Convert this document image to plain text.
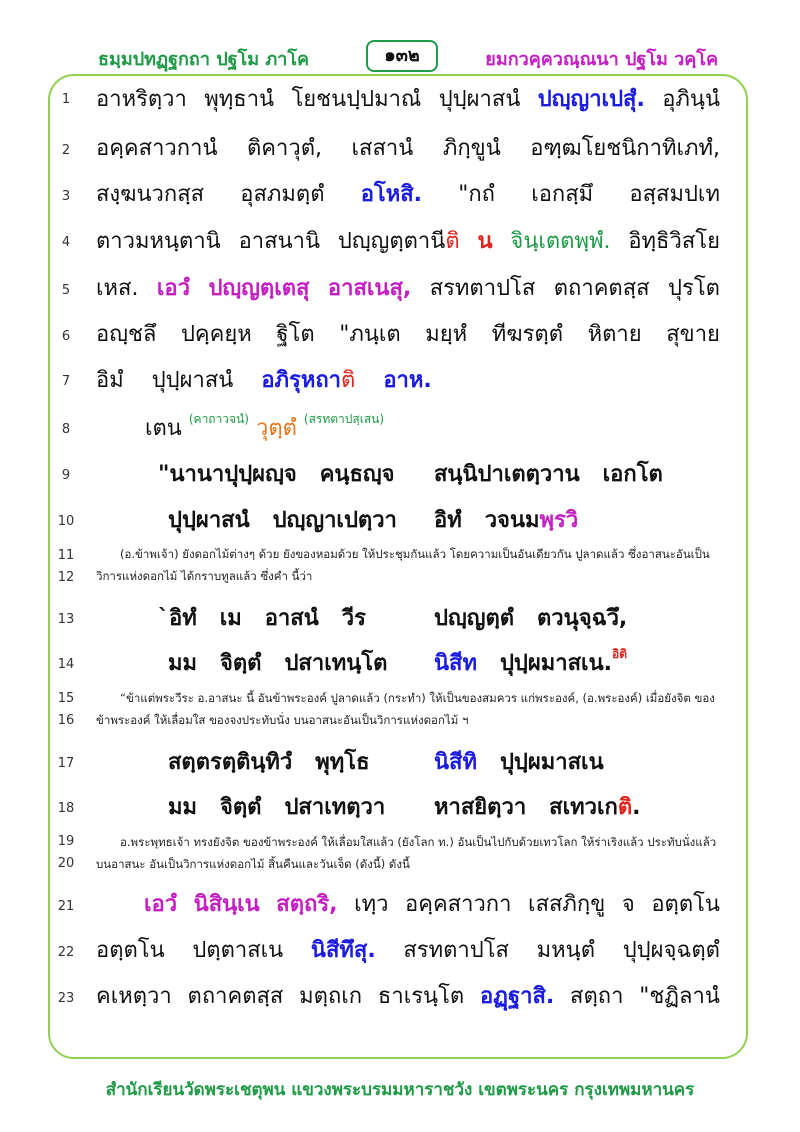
ธมฺมปทฏฺฐกถา ปฐโม ภาโค	๑๓๒	ยมกวคฺควณฺณนา ปฐโม วคฺโค
1
2
3
4
5
6
7
8
9
10
11
12
13
14
15
16
17
18
19
20
21
22
23
อาหริตฺวา พุทฺธานํ โยชนปฺปมาณํ ปุปฺผาสนํ ปญฺญาเปสุํ. อุภินฺนํ
อคฺคสาวกานํ ติคาวุตํ, เสสานํ ภิกฺขูนํ อฑฺฒโยชนิกาทิเภทํ,
สงฺฆนวกสฺส อุสภมตฺตํ อโหสิ. "กถํ เอกสฺมึ อสฺสมปเท
ตาวมหนฺตานิ อาสนานิ ปญฺญตฺตานีติ น จินฺเตตพฺพํ. อิทฺธิวิสโย
เหส. เอวํ ปญฺญตฺเตสุ อาสเนสุ, สรทตาปโส ตถาคตสฺส ปุรโต
อญฺชลึ ปคฺคยฺห ฐิโต "ภนฺเต มยฺหํ ทีฆรตฺตํ หิตาย สุขาย
อิมํ ปุปฺผาสนํ อภิรุหถาติ อาห.
เตน $^{(คาถาวจนํ)}$ วุตฺตํ $^{(สรทตาปสฺเสน)}$
"นานาปุปฺผญฺจ คนฺธญฺจ สนฺนิปาเตตฺวาน เอกโต
ปุปฺผาสนํ ปญฺญาเปตฺวา อิทํ วจนมพฺรวิ
(อ.ข้าพเจ้า) ยังดอกไม้ต่างๆ ด้วย ยังของหอมด้วย ให้ประชุมกันแล้ว โดยความเป็นอันเดียวกัน ปูลาดแล้ว ซึ่งอาสนะอันเป็น
วิการแห่งดอกไม้ ได้กราบทูลแล้ว ซึ่งคำ นี้ว่า
`อิทํ เม อาสนํ วีร	ปญฺญตฺตํ ตวนุจฺฉวึ,
มม จิตฺตํ ปสาเทนฺโต นิสีท ปุปฺผมาสเน.$^{อิติ}$
“ข้าแต่พระวีระ อ.อาสนะ นี้ อันข้าพระองค์ ปูลาดแล้ว (กระทำ) ให้เป็นของสมควร แก่พระองค์, (อ.พระองค์) เมื่อยังจิต ของ
ข้าพระองค์ ให้เลื่อมใส ของจงประทับนั่ง บนอาสนะอันเป็นวิการแห่งดอกไม้ ฯ
สตฺตรตฺตินฺทิวํ พุทฺโธ	นิสีทิ ปุปฺผมาสเน
มม จิตฺตํ ปสาเทตฺวา หาสยิตฺวา สเทวเกติ.
อ.พระพุทธเจ้า ทรงยังจิต ของข้าพระองค์ ให้เลื่อมใสแล้ว (ยังโลก ท.) อันเป็นไปกับด้วยเทวโลก ให้ร่าเริงแล้ว ประทับนั่งแล้ว
บนอาสนะ อันเป็นวิการแห่งดอกไม้ สิ้นคืนและวันเจ็ด (ดังนี้) ดังนี้
เอวํ นิสินฺเน สตฺถริ, เทฺว อคฺคสาวกา เสสภิกฺขู จ อตฺตโน
อตฺตโน ปตฺตาสเน นิสีทึสุ. สรทตาปโส มหนฺตํ ปุปฺผจฺฉตฺตํ
คเหตฺวา ตถาคตสฺส มตฺถเก ธาเรนฺโต อฏฺฐาสิ. สตฺถา "ชฏิลานํ
สำนักเรียนวัดพระเชตุพน แขวงพระบรมมหาราชวัง เขตพระนคร กรุงเทพมหานคร
